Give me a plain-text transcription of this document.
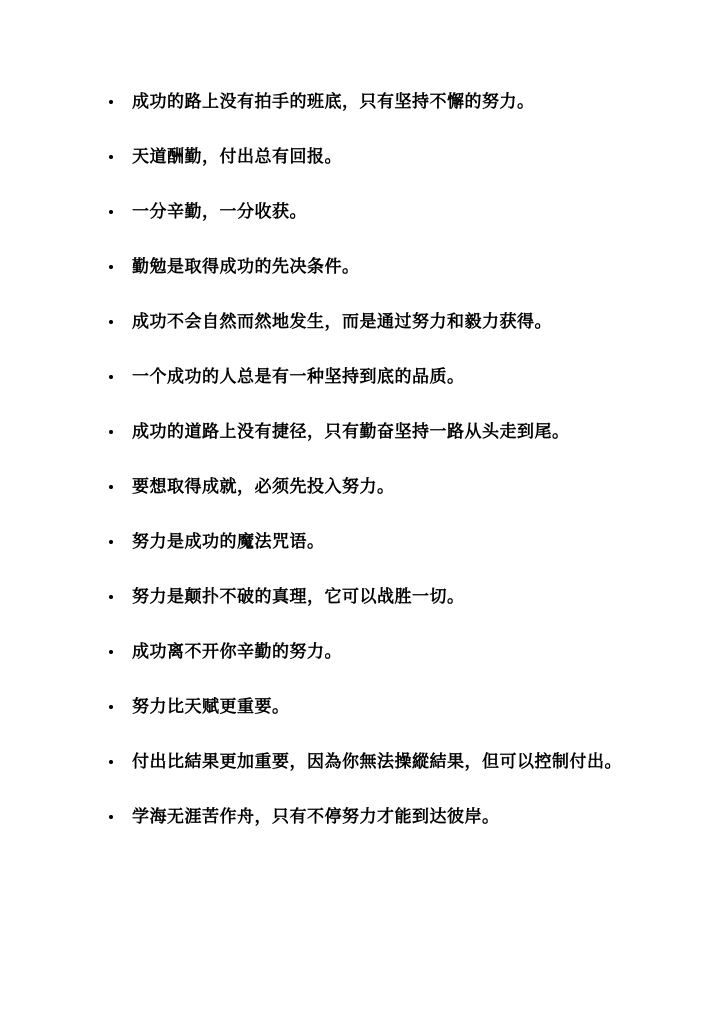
成功的路上没有拍手的班底，只有坚持不懈的努力。
天道酬勤，付出总有回报。
一分辛勤，一分收获。
勤勉是取得成功的先决条件。
成功不会自然而然地发生，而是通过努力和毅力获得。
一个成功的人总是有一种坚持到底的品质。
成功的道路上没有捷径，只有勤奋坚持一路从头走到尾。
要想取得成就，必须先投入努力。
努力是成功的魔法咒语。
努力是颠扑不破的真理，它可以战胜一切。
成功离不开你辛勤的努力。
努力比天赋更重要。
付出比結果更加重要，因為你無法操縱結果，但可以控制付出。
学海无涯苦作舟，只有不停努力才能到达彼岸。
